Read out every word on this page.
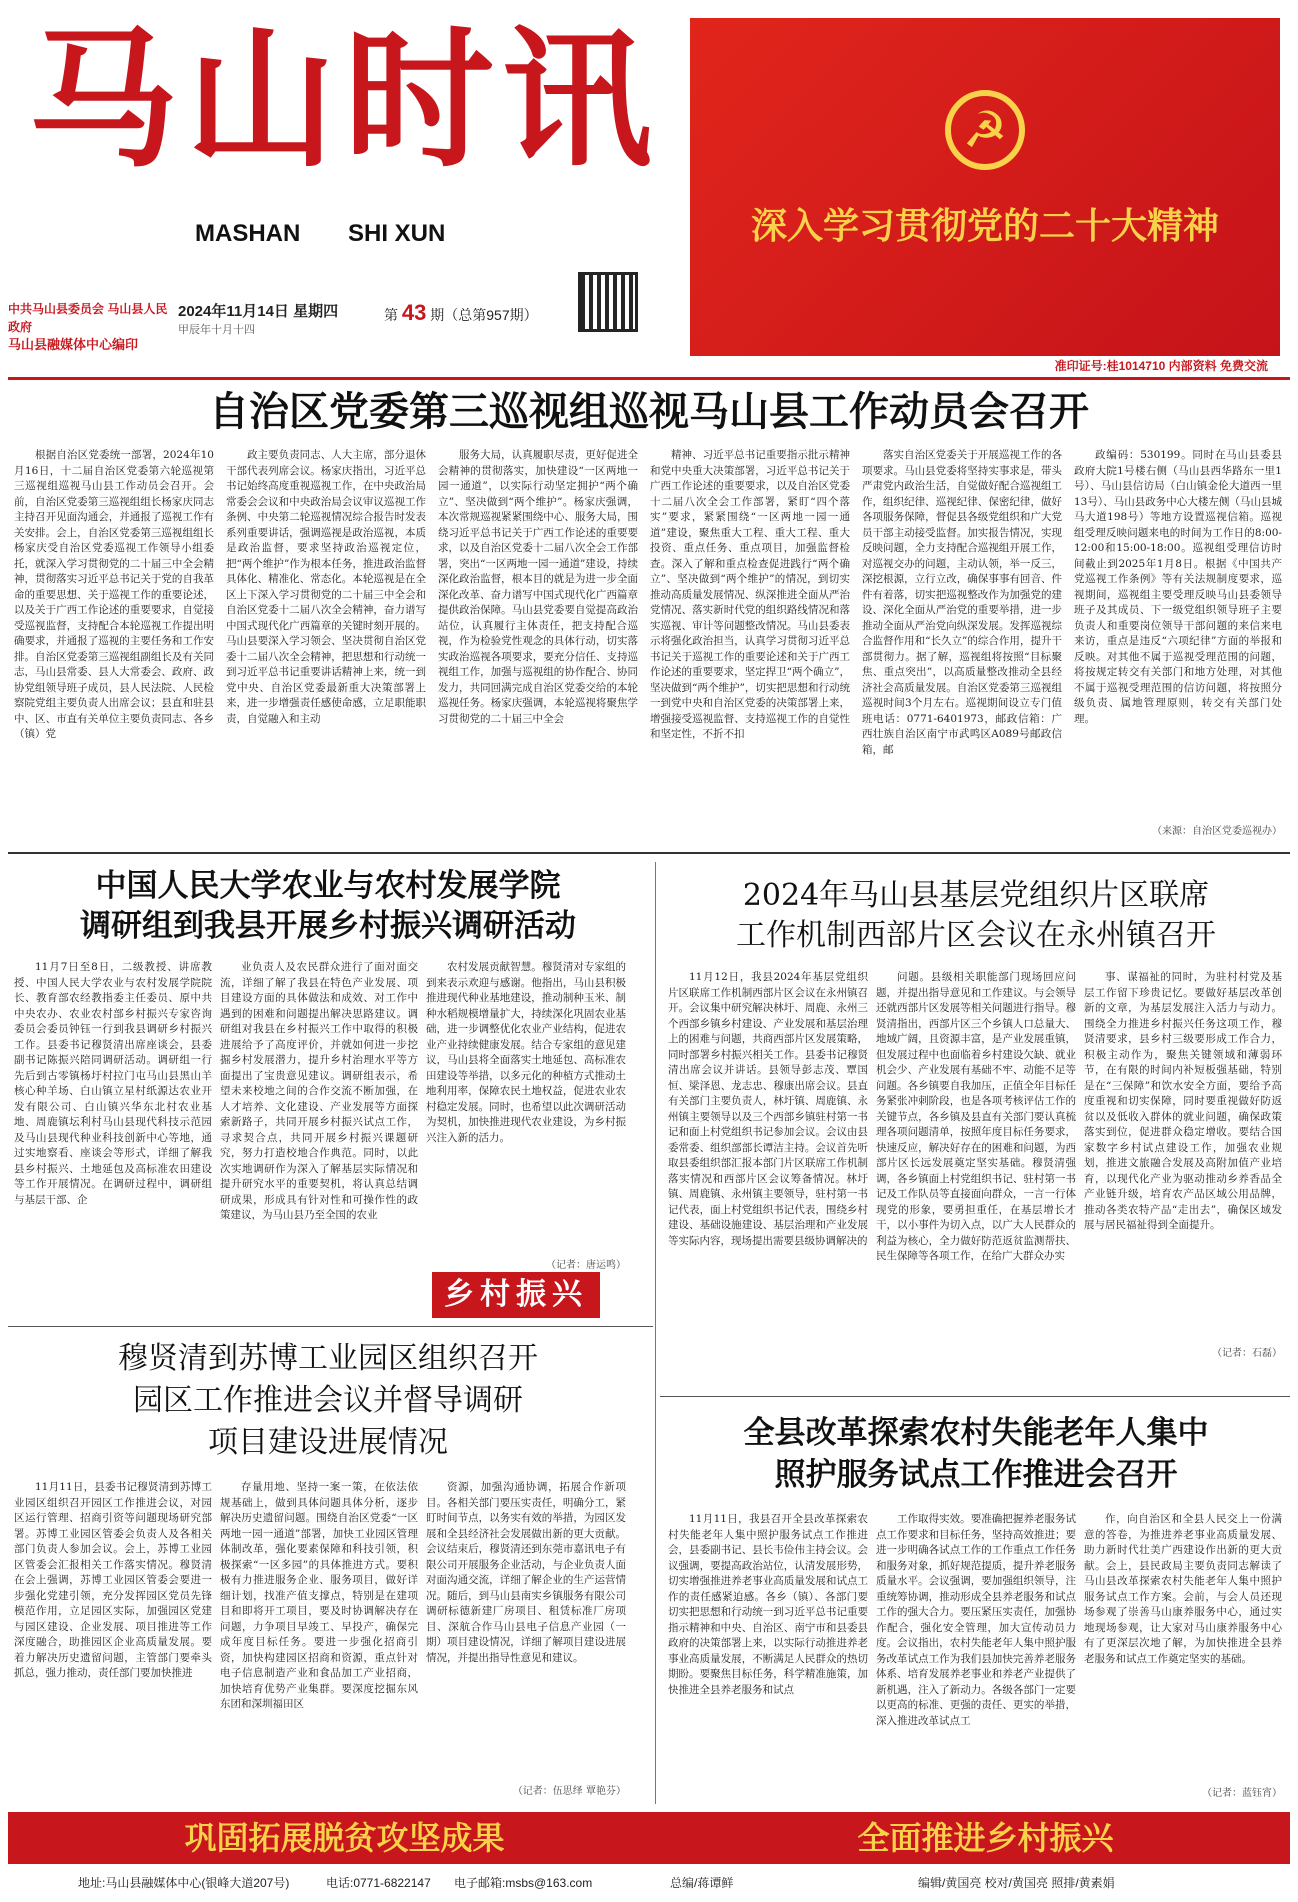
马山时讯
MASHAN SHI XUN
中共马山县委员会 马山县人民政府
马山县融媒体中心编印
2024年11月14日 星期四
甲辰年十月十四
第 43 期（总第957期）
☭
深入学习贯彻党的二十大精神
准印证号:桂1014710 内部资料 免费交流
自治区党委第三巡视组巡视马山县工作动员会召开
根据自治区党委统一部署，2024年10月16日，十二届自治区党委第六轮巡视第三巡视组巡视马山县工作动员会召开。会前，自治区党委第三巡视组组长杨家庆同志主持召开见面沟通会，并通报了巡视工作有关安排。会上，自治区党委第三巡视组组长杨家庆受自治区党委巡视工作领导小组委托，就深入学习贯彻党的二十届三中全会精神，贯彻落实习近平总书记关于党的自我革命的重要思想、关于巡视工作的重要论述，以及关于广西工作论述的重要要求，自觉接受巡视监督，支持配合本轮巡视工作提出明确要求，并通报了巡视的主要任务和工作安排。自治区党委第三巡视组副组长及有关同志，马山县常委、县人大常委会、政府、政协党组领导班子成员，县人民法院、人民检察院党组主要负责人出席会议；县直和驻县中、区、市直有关单位主要负责同志、各乡（镇）党
政主要负责同志、人大主席，部分退休干部代表列席会议。杨家庆指出，习近平总书记始终高度重视巡视工作，在中央政治局常委会会议和中央政治局会议审议巡视工作条例、中央第二轮巡视情况综合报告时发表系列重要讲话，强调巡视是政治巡视，本质是政治监督，要求坚持政治巡视定位，把“两个维护”作为根本任务，推进政治监督具体化、精准化、常态化。本轮巡视是在全区上下深入学习贯彻党的二十届三中全会和自治区党委十二届八次全会精神，奋力谱写中国式现代化广西篇章的关键时刻开展的。马山县要深入学习领会、坚决贯彻自治区党委十二届八次全会精神，把思想和行动统一到习近平总书记重要讲话精神上来，统一到党中央、自治区党委最新重大决策部署上来，进一步增强责任感使命感，立足职能职责，自觉融入和主动
服务大局，认真履职尽责，更好促进全会精神的贯彻落实，加快建设“一区两地一园一通道”，以实际行动坚定拥护“两个确立”、坚决做到“两个维护”。杨家庆强调，本次常规巡视紧紧围绕中心、服务大局，围绕习近平总书记关于广西工作论述的重要要求，以及自治区党委十二届八次全会工作部署，突出“一区两地一园一通道”建设，持续深化政治监督，根本目的就是为进一步全面深化改革、奋力谱写中国式现代化广西篇章提供政治保障。马山县党委要自觉提高政治站位，认真履行主体责任，把支持配合巡视，作为检验党性观念的具体行动，切实落实政治巡视各项要求，要充分信任、支持巡视组工作，加强与巡视组的协作配合、协同发力，共同回满完成自治区党委交给的本轮巡视任务。杨家庆强调，本轮巡视将聚焦学习贯彻党的二十届三中全会
精神、习近平总书记重要指示批示精神和党中央重大决策部署，习近平总书记关于广西工作论述的重要要求，以及自治区党委十二届八次全会工作部署，紧盯“四个落实”要求，紧紧围绕“一区两地一园一通道”建设，聚焦重大工程、重大工程、重大投资、重点任务、重点项目，加强监督检查。深入了解和重点检查促进践行“两个确立”、坚决做到“两个维护”的情况，到切实推动高质量发展情况、纵深推进全面从严治党情况、落实新时代党的组织路线情况和落实巡视、审计等问题整改情况。马山县委表示将强化政治担当，认真学习贯彻习近平总书记关于巡视工作的重要论述和关于广西工作论述的重要要求，坚定捍卫“两个确立”，坚决做到“两个维护”，切实把思想和行动统一到党中央和自治区党委的决策部署上来，增强接受巡视监督、支持巡视工作的自觉性和坚定性，不折不扣
落实自治区党委关于开展巡视工作的各项要求。马山县党委将坚持实事求是，带头严肃党内政治生活，自觉做好配合巡视组工作，组织纪律、巡视纪律、保密纪律，做好各项服务保障，督促县各级党组织和广大党员干部主动接受监督。加实报告情况，实现反映问题，全力支持配合巡视组开展工作，对巡视交办的问题，主动认领，举一反三，深挖根源，立行立改，确保事事有回音、件件有着落，切实把巡视整改作为加强党的建设、深化全面从严治党的重要举措，进一步推动全面从严治党向纵深发展。发挥巡视综合监督作用和“长久立”的综合作用，提升干部贯彻力。据了解，巡视组将按照“目标聚焦、重点突出”，以高质量整改推动全县经济社会高质量发展。自治区党委第三巡视组巡视时间3个月左右。巡视期间设立专门值班电话：0771-6401973，邮政信箱：广西壮族自治区南宁市武鸣区A089号邮政信箱，邮
政编码：530199。同时在马山县委县政府大院1号楼右侧（马山县西华路东一里1号）、马山县信访局（白山镇金伦大道西一里13号）、马山县政务中心大楼左侧（马山县城马大道198号）等地方设置巡视信箱。巡视组受理反映问题来电的时间为工作日的8:00-12:00和15:00-18:00。巡视组受理信访时间截止到2025年1月8日。根据《中国共产党巡视工作条例》等有关法规制度要求，巡视期间，巡视组主要受理反映马山县委领导班子及其成员、下一级党组织领导班子主要负责人和重要岗位领导干部问题的来信来电来访，重点是违反“六项纪律”方面的举报和反映。对其他不属于巡视受理范围的问题，将按规定转交有关部门和地方处理，对其他不属于巡视受理范围的信访问题，将按照分级负责、属地管理原则，转交有关部门处理。
（来源：自治区党委巡视办）
中国人民大学农业与农村发展学院
调研组到我县开展乡村振兴调研活动
11月7日至8日，二级教授、讲席教授、中国人民大学农业与农村发展学院院长、教育部农经教指委主任委员、原中共中央农办、农业农村部乡村振兴专家咨询委员会委员钟钰一行到我县调研乡村振兴工作。县委书记穆贤清出席座谈会，县委副书记陈振兴陪同调研活动。调研组一行先后到古零镇杨圩村拉门屯马山县黑山羊核心种羊场、白山镇立星村纸源达农业开发有限公司、白山镇兴华东北村农业基地、周鹿镇坛利村马山县现代科技示范园及马山县现代种业科技创新中心等地，通过实地察看、座谈会等形式，详细了解我县乡村振兴、土地延包及高标准农田建设等工作开展情况。在调研过程中，调研组与基层干部、企
业负责人及农民群众进行了面对面交流，详细了解了我县在特色产业发展、项目建设方面的具体做法和成效、对工作中遇到的困难和问题提出解决思路建议。调研组对我县在乡村振兴工作中取得的积极进展给予了高度评价，并就如何进一步挖掘乡村发展潜力，提升乡村治理水平等方面提出了宝贵意见建议。调研组表示，希望未来校地之间的合作交流不断加强，在人才培养、文化建设、产业发展等方面探索新路子，共同开展乡村振兴试点工作，寻求契合点，共同开展乡村振兴课题研究，努力打造校地合作典范。同时，以此次实地调研作为深入了解基层实际情况和提升研究水平的重要契机，将认真总结调研成果，形成具有针对性和可操作性的政策建议，为马山县乃至全国的农业
农村发展贡献智慧。穆贤清对专家组的到来表示欢迎与感谢。他指出，马山县积极推进现代种业基地建设，推动制种玉米、制种水稻规模增量扩大，持续深化巩固农业基础，进一步调整优化农业产业结构，促进农业产业持续健康发展。结合专家组的意见建议，马山县将全面落实土地延包、高标准农田建设等举措，以多元化的种植方式推动土地利用率，保障农民土地权益，促进农业农村稳定发展。同时，也希望以此次调研活动为契机，加快推进现代农业建设，为乡村振兴注入新的活力。
（记者：唐运鸣）
乡村振兴
2024年马山县基层党组织片区联席
工作机制西部片区会议在永州镇召开
11月12日，我县2024年基层党组织片区联席工作机制西部片区会议在永州镇召开。会议集中研究解决林圩、周鹿、永州三个西部乡镇乡村建设、产业发展和基层治理上的困难与问题，共商西部片区发展策略，同时部署乡村振兴相关工作。县委书记穆贤清出席会议并讲话。县领导彭志茂、覃国恒、梁泽恩、龙志忠、穆康出席会议。县直有关部门主要负责人，林圩镇、周鹿镇、永州镇主要领导以及三个西部乡镇驻村第一书记和面上村党组织书记参加会议。会议由县委常委、组织部部长谭洁主持。会议首先听取县委组织部汇报本部门片区联席工作机制落实情况和西部片区会议筹备情况。林圩镇、周鹿镇、永州镇主要领导，驻村第一书记代表，面上村党组织书记代表，围绕乡村建设、基础设施建设、基层治理和产业发展等实际内容，现场提出需要县级协调解决的
问题。县级相关职能部门现场回应问题，并提出指导意见和工作建议。与会领导还就西部片区发展等相关问题进行指导。穆贤清指出，西部片区三个乡镇人口总量大、地域广阔，且资源丰富，是产业发展重镇，但发展过程中也面临着乡村建设欠缺、就业机会少、产业发展有基础不牢、动能不足等问题。各乡镇要自我加压，正值全年目标任务紧张冲刺阶段，也是各项考核评估工作的关键节点，各乡镇及县直有关部门要认真梳理各项问题清单，按照年度目标任务要求，快速反应，解决好存在的困难和问题，为西部片区长远发展奠定坚实基础。穆贤清强调，各乡镇面上村党组织书记、驻村第一书记及工作队员等直接面向群众，一言一行体现党的形象，要勇担重任，在基层增长才干，以小事件为切入点，以广大人民群众的利益为核心，全力做好防范返贫监测帮扶、民生保障等各项工作，在给广大群众办实
事、谋福祉的同时，为驻村村党及基层工作留下珍贵记忆。要做好基层改革创新的文章，为基层发展注入活力与动力。围绕全力推进乡村振兴任务这项工作，穆贤清要求，县乡村三级要形成工作合力，积极主动作为，聚焦关键领域和薄弱环节，在有限的时间内补短板强基础，特别是在“三保障”和饮水安全方面，要给予高度重视和切实保障，同时要重视做好防返贫以及低收入群体的就业问题，确保政策落实到位，促进群众稳定增收。要结合国家数字乡村试点建设工作，加强农业规划，推进文旅融合发展及高附加值产业培育，以现代化产业为驱动推动乡养香品全产业链升级，培育农产品区域公用品牌，推动各类农特产品“走出去”，确保区域发展与居民福祉得到全面提升。
（记者：石磊）
穆贤清到苏博工业园区组织召开
园区工作推进会议并督导调研
项目建设进展情况
11月11日，县委书记穆贤清到苏博工业园区组织召开园区工作推进会议，对园区运行管理、招商引资等问题现场研究部署。苏博工业园区管委会负责人及各相关部门负责人参加会议。会上，苏博工业园区管委会汇报相关工作落实情况。穆贤清在会上强调，苏博工业园区管委会要进一步强化党建引领，充分发挥园区党员先锋模范作用，立足园区实际，加强园区党建与园区建设、企业发展、项目推进等工作深度融合，助推园区企业高质量发展。要着力解决历史遗留问题，主管部门要牵头抓总，强力推动，责任部门要加快推进
存量用地、坚持一案一策，在依法依规基础上，做到具体问题具体分析，逐步解决历史遗留问题。围绕自治区党委“一区两地一园一通道”部署，加快工业园区管理体制改革，强化要素保障和科技引领，积极探索“一区多园”的具体推进方式。要积极有力推进服务企业、服务项目，做好详细计划，找准产值支撑点，特别是在建项目和即将开工项目，要及时协调解决存在问题，力争项目早竣工、早投产，确保完成年度目标任务。要进一步强化招商引资，加快构建园区招商和资源，重点针对电子信息制造产业和食品加工产业招商，加快培育优势产业集群。要深度挖掘东风东团和深圳福田区
资源，加强沟通协调，拓展合作新项目。各相关部门要压实责任，明确分工，紧盯时间节点，以务实有效的举措，为园区发展和全县经济社会发展做出新的更大贡献。会议结束后，穆贤清还到东莞市嘉讯电子有限公司开展服务企业活动，与企业负责人面对面沟通交流，详细了解企业的生产运营情况。随后，到马山县南实乡镇服务有限公司调研标德新建厂房项目、租赁标准厂房项目、深航合作马山县电子信息产业园（一期）项目建设情况，详细了解项目建设进展情况，并提出指导性意见和建议。
（记者：伍思绎 覃艳芬）
全县改革探索农村失能老年人集中
照护服务试点工作推进会召开
11月11日，我县召开全县改革探索农村失能老年人集中照护服务试点工作推进会，县委副书记、县长韦俭伟主持会议。会议强调，要提高政治站位，认清发展形势，切实增强推进养老事业高质量发展和试点工作的责任感紧迫感。各乡（镇）、各部门要切实把思想和行动统一到习近平总书记重要指示精神和中央、自治区、南宁市和县委县政府的决策部署上来，以实际行动推进养老事业高质量发展，不断满足人民群众的热切期盼。要聚焦目标任务，科学精准施策，加快推进全县养老服务和试点
工作取得实效。要准确把握养老服务试点工作要求和目标任务，坚持高效推进；要进一步明确各试点工作的工作重点工作任务和服务对象，抓好规范提质，提升养老服务质量水平。会议强调，要加强组织领导，注重统筹协调，推动形成全县养老服务和试点工作的强大合力。要压紧压实责任，加强协作配合，强化安全管理，加大宣传动员力度。会议指出，农村失能老年人集中照护服务改革试点工作为我们县加快完善养老服务体系、培育发展养老事业和养老产业提供了新机遇，注入了新动力。各级各部门一定要以更高的标准、更强的责任、更实的举措，深入推进改革试点工
作，向自治区和全县人民交上一份满意的答卷，为推进养老事业高质量发展、助力新时代壮美广西建设作出新的更大贡献。会上，县民政局主要负责同志解读了马山县改革探索农村失能老年人集中照护服务试点工作方案。会前，与会人员还现场参观了崇善马山康养服务中心，通过实地现场参观，让大家对马山康养服务中心有了更深层次地了解，为加快推进全县养老服务和试点工作奠定坚实的基础。
（记者：蓝钰宵）
巩固拓展脱贫攻坚成果	全面推进乡村振兴
地址:马山县融媒体中心(银峰大道207号)	电话:0771-6822147 电子邮箱:msbs@163.com	总编/蒋谭鲜	编辑/黄国亮 校对/黄国亮 照排/黄素娟
